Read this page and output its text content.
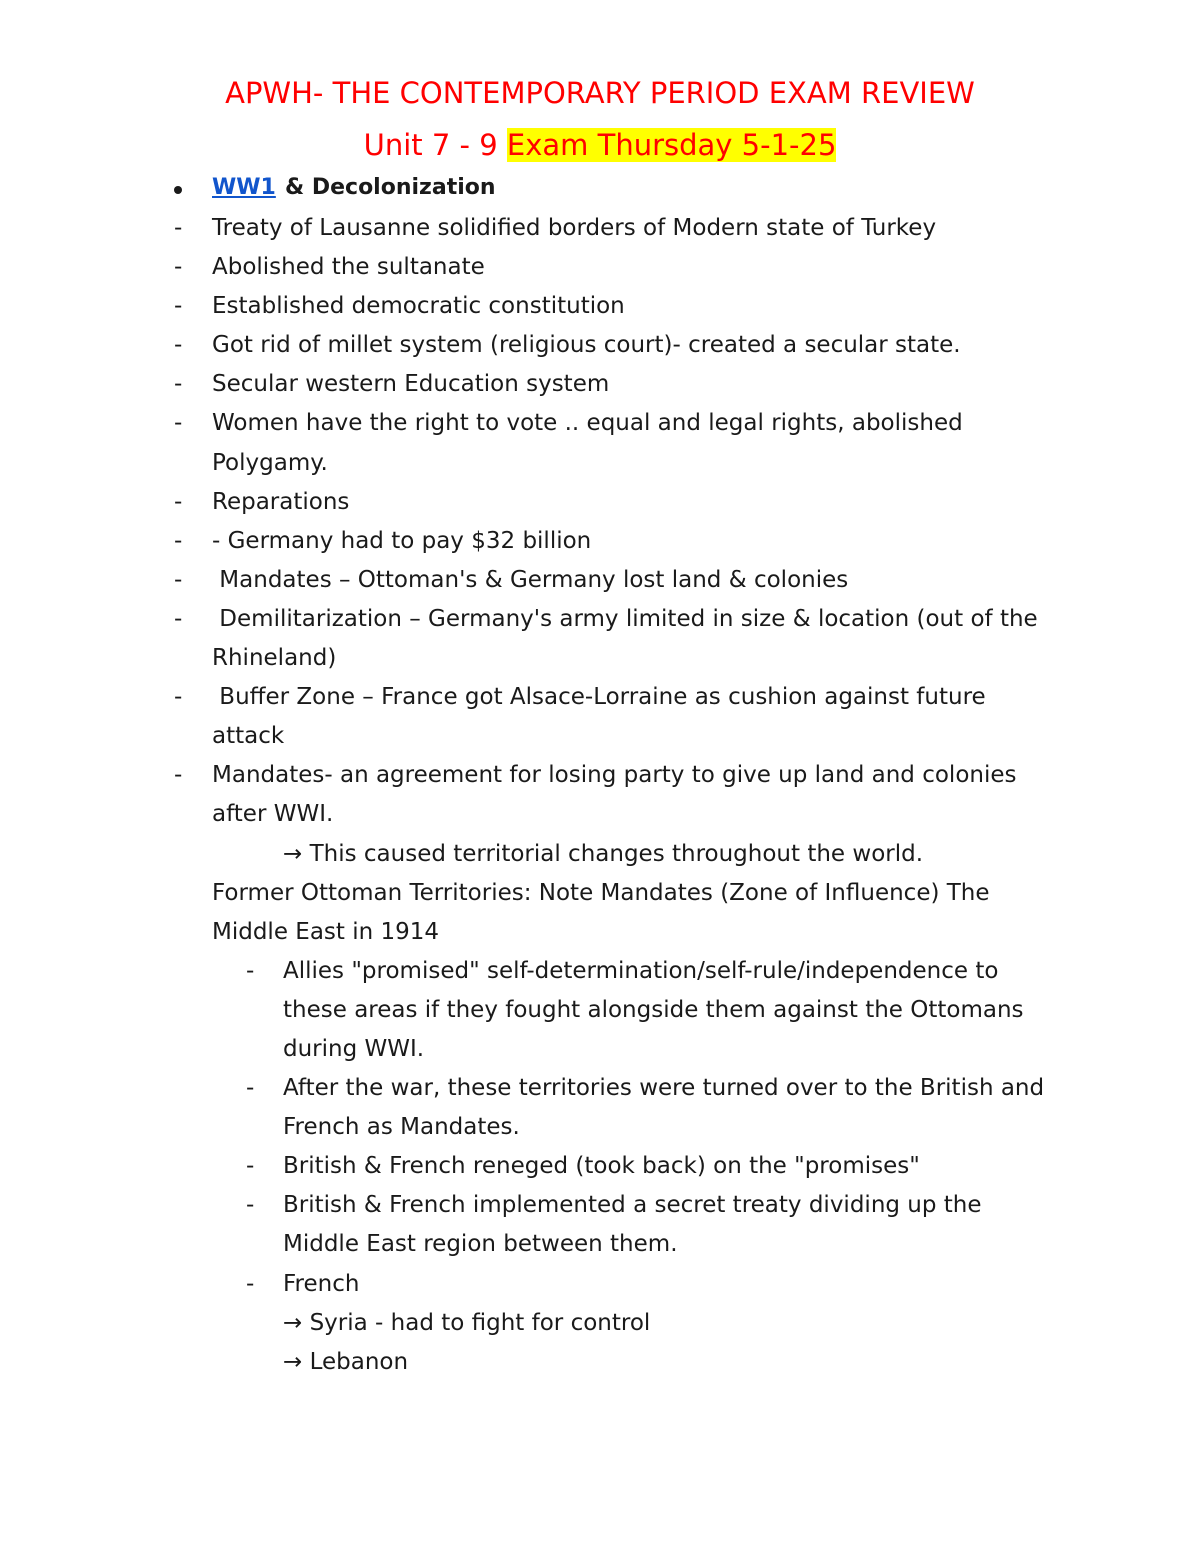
APWH- THE CONTEMPORARY PERIOD EXAM REVIEW
Unit 7 - 9 Exam Thursday 5-1-25
WW1 & Decolonization
- Treaty of Lausanne solidified borders of Modern state of Turkey
- Abolished the sultanate
- Established democratic constitution
- Got rid of millet system (religious court)- created a secular state.
- Secular western Education system
- Women have the right to vote .. equal and legal rights, abolished
Polygamy.
- Reparations
- - Germany had to pay $32 billion
- Mandates – Ottoman's & Germany lost land & colonies
- Demilitarization – Germany's army limited in size & location (out of the
Rhineland)
- Buffer Zone – France got Alsace-Lorraine as cushion against future
attack
- Mandates- an agreement for losing party to give up land and colonies
after WWI.
→ This caused territorial changes throughout the world.
Former Ottoman Territories: Note Mandates (Zone of Influence) The
Middle East in 1914
- Allies "promised" self-determination/self-rule/independence to
these areas if they fought alongside them against the Ottomans
during WWI.
- After the war, these territories were turned over to the British and
French as Mandates.
- British & French reneged (took back) on the "promises"
- British & French implemented a secret treaty dividing up the
Middle East region between them.
- French
→ Syria - had to fight for control
→ Lebanon
